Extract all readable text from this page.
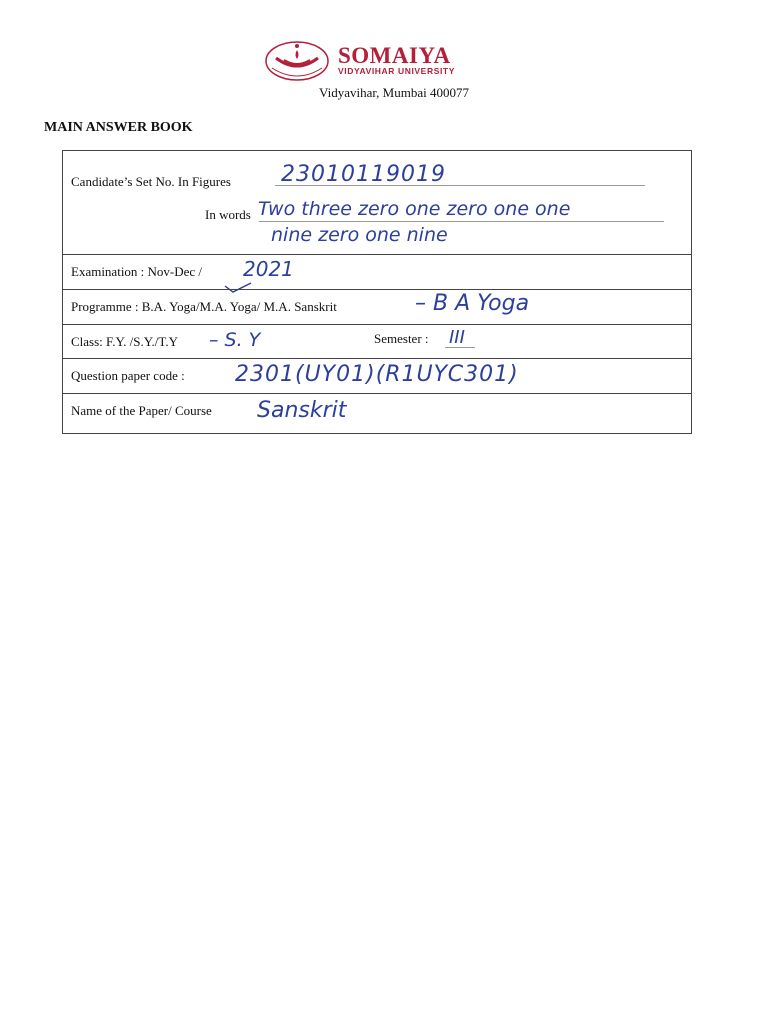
SOMAIYA
VIDYAVIHAR UNIVERSITY
Vidyavihar, Mumbai 400077
MAIN ANSWER BOOK
Candidate’s Set No. In Figures 23010119019
In words Two three zero one zero one one
nine zero one nine
Examination : Nov-Dec / 2021
Programme : B.A. Yoga/M.A. Yoga/ M.A. Sanskrit	– B A Yoga
Class: F.Y. /S.Y./T.Y – S. Y	Semester : III
Question paper code : 2301(UY01)(R1UYC301)
Name of the Paper/ Course Sanskrit
